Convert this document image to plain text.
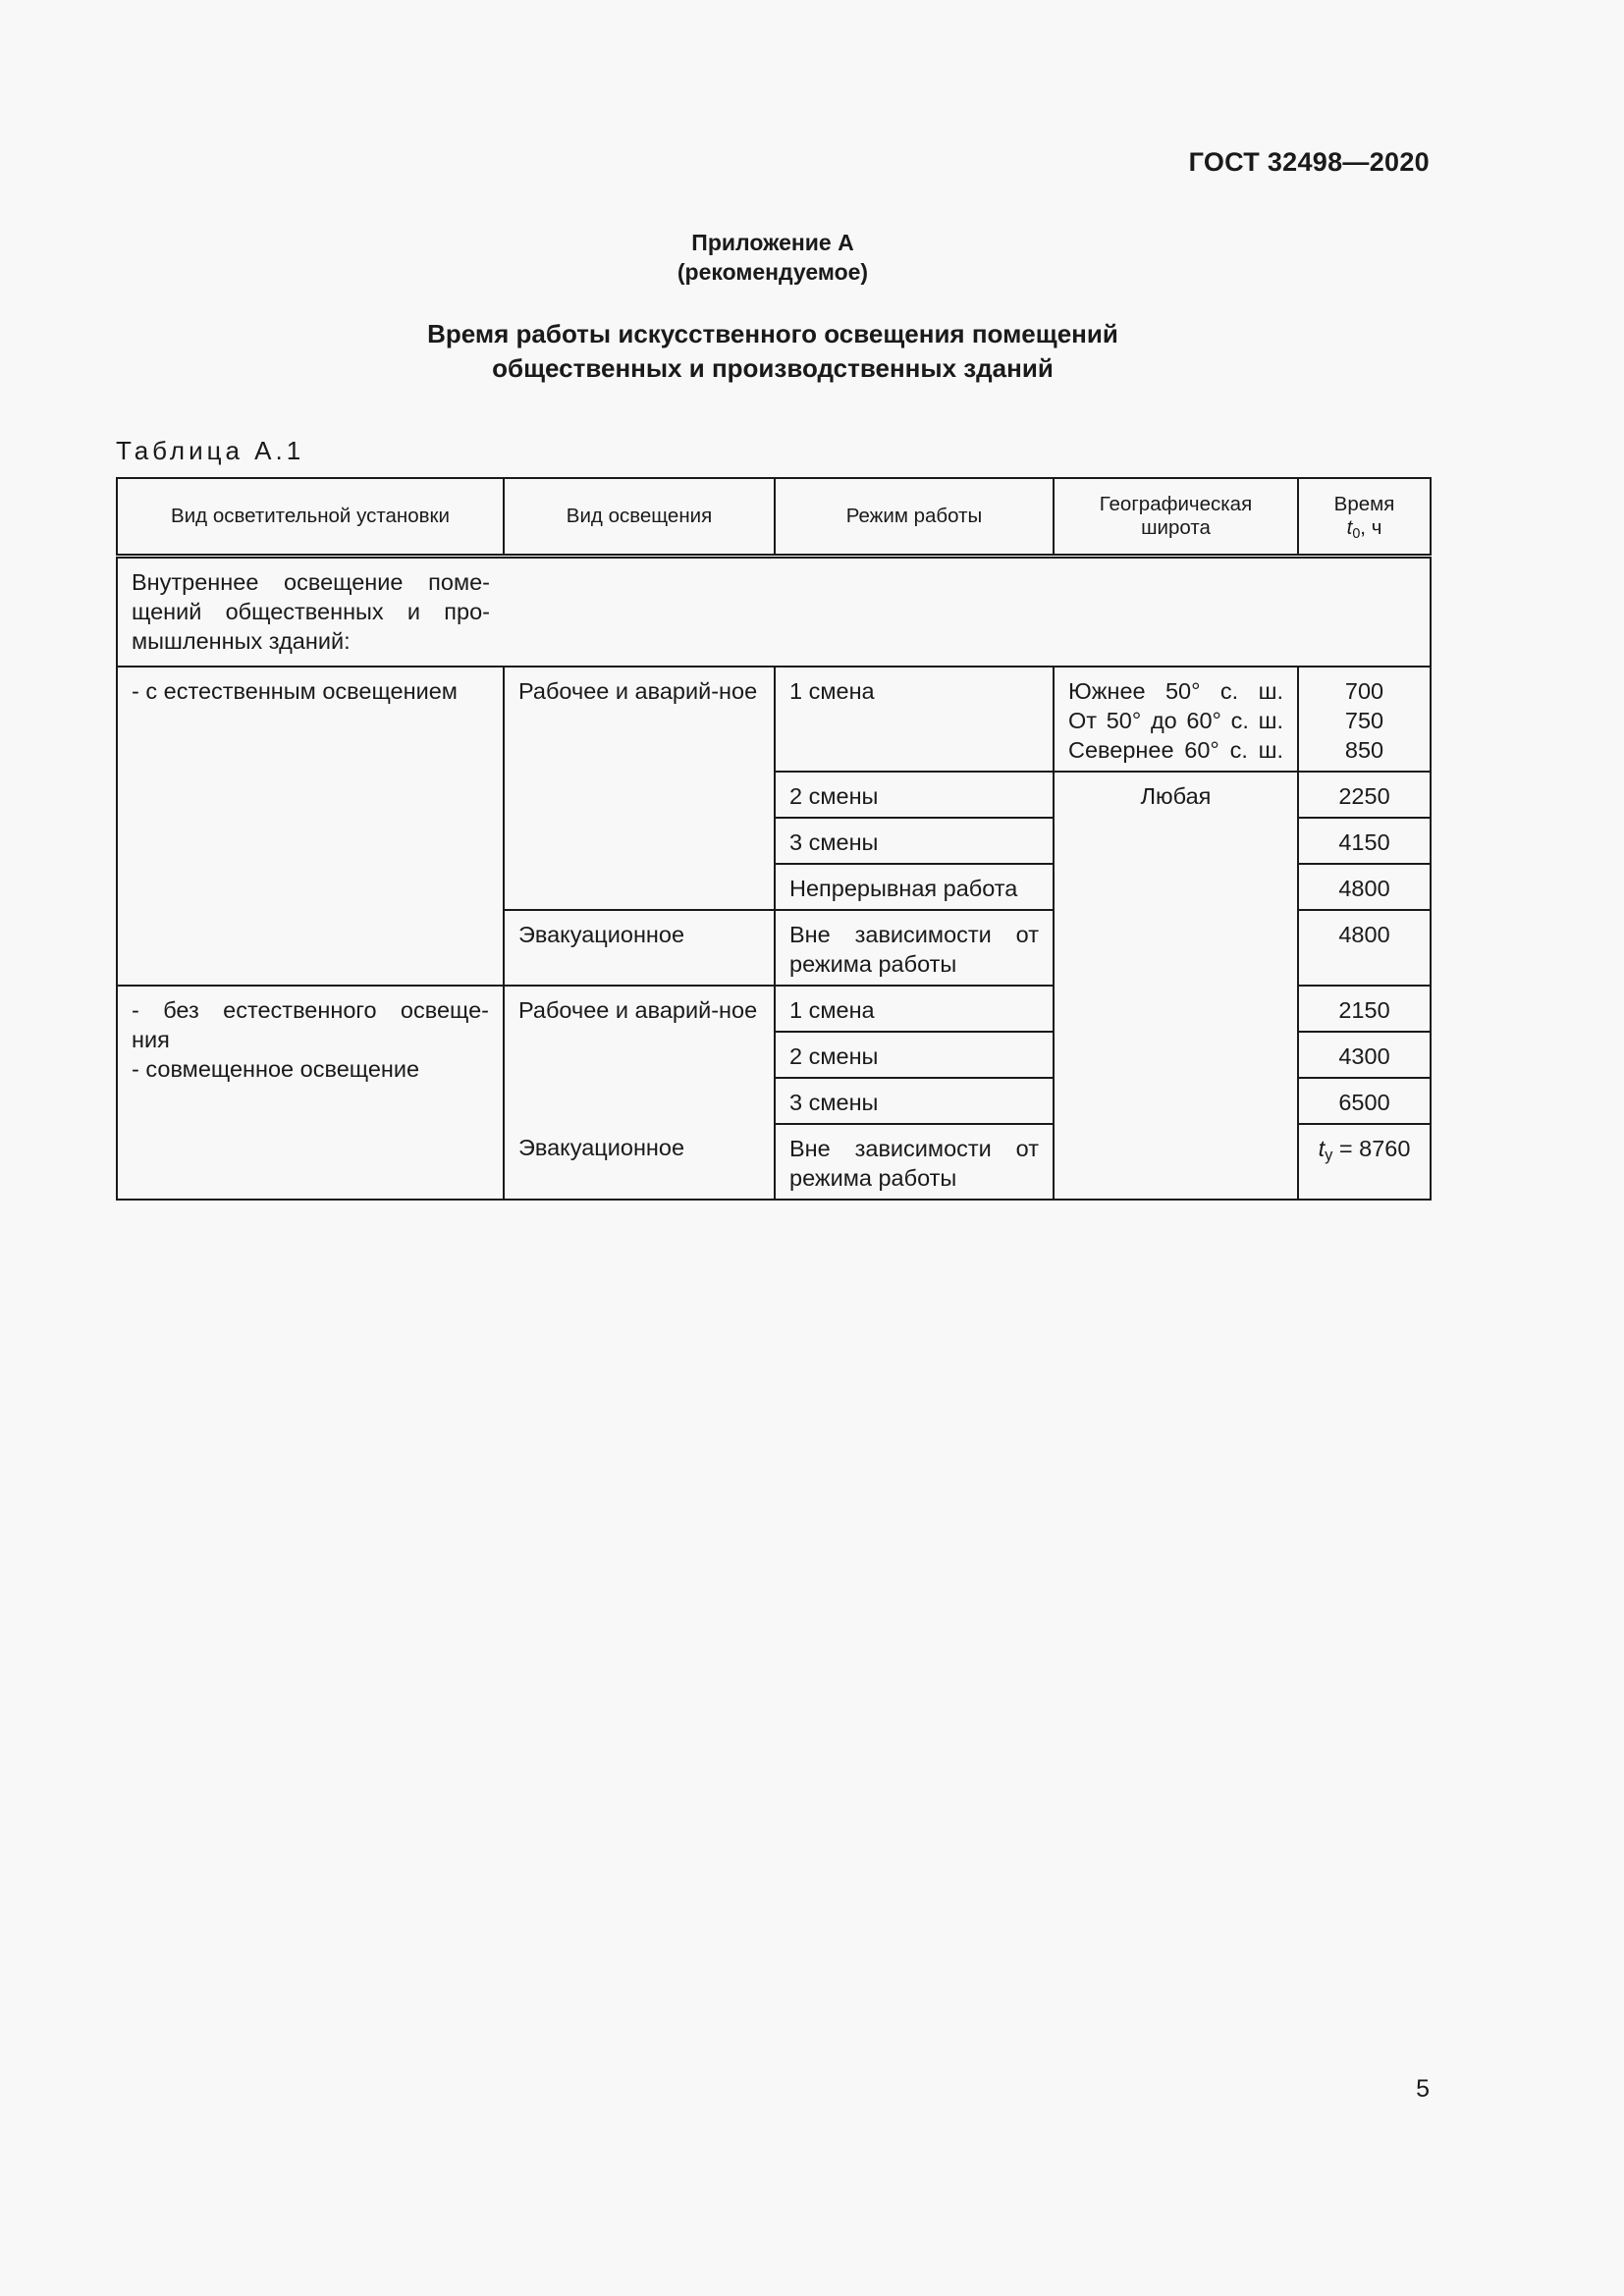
ГОСТ 32498—2020
Приложение А
(рекомендуемое)
Время работы искусственного освещения помещений
общественных и производственных зданий
Таблица А.1
Вид осветительной установки	Вид освещения	Режим работы	Географическая широта	Время
$t_0$, ч

Внутреннее освещение поме-
щений общественных и про-
мышленных зданий:				
- с естественным освещением	Рабочее и аварий-ное	1 смена	Южнее 50° с. ш.
От 50° до 60° с. ш.
Севернее 60° с. ш.	700
750
850

		2 смены	Любая	2250
		3 смены		4150
		Непрерывная работа		4800
	Эвакуационное	Вне зависимости от режима работы		4800

- без естественного освеще-
ния
- совмещенное освещение	Рабочее и аварий-ное	1 смена		2150
		2 смены		4300
		3 смены		6500
	Эвакуационное	Вне зависимости от режима работы		$t_у = 8760$
5
